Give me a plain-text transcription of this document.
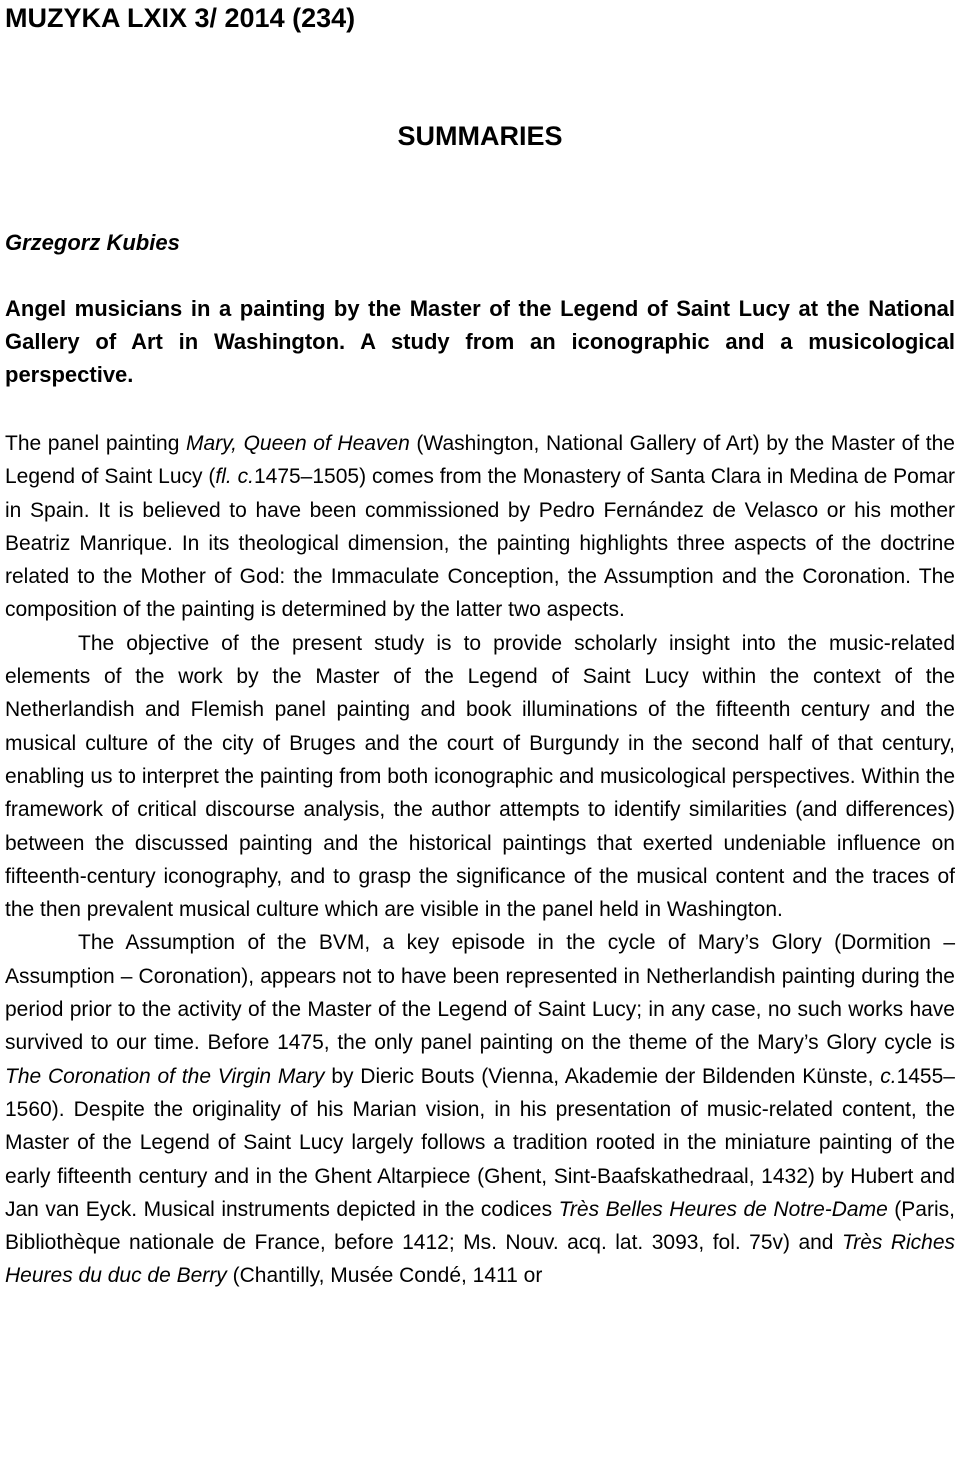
MUZYKA LXIX 3/ 2014 (234)
SUMMARIES
Grzegorz Kubies
Angel musicians in a painting by the Master of the Legend of Saint Lucy at the National Gallery of Art in Washington. A study from an iconographic and a musicological perspective.

The panel painting Mary, Queen of Heaven (Washington, National Gallery of Art) by the Master of the Legend of Saint Lucy (fl. c.1475–1505) comes from the Monastery of Santa Clara in Medina de Pomar in Spain. It is believed to have been commissioned by Pedro Fernández de Velasco or his mother Beatriz Manrique. In its theological dimension, the painting highlights three aspects of the doctrine related to the Mother of God: the Immaculate Conception, the Assumption and the Coronation. The composition of the painting is determined by the latter two aspects.

The objective of the present study is to provide scholarly insight into the music-related elements of the work by the Master of the Legend of Saint Lucy within the context of the Netherlandish and Flemish panel painting and book illuminations of the fifteenth century and the musical culture of the city of Bruges and the court of Burgundy in the second half of that century, enabling us to interpret the painting from both iconographic and musicological perspectives. Within the framework of critical discourse analysis, the author attempts to identify similarities (and differences) between the discussed painting and the historical paintings that exerted undeniable influence on fifteenth-century iconography, and to grasp the significance of the musical content and the traces of the then prevalent musical culture which are visible in the panel held in Washington.

The Assumption of the BVM, a key episode in the cycle of Mary’s Glory (Dormition – Assumption – Coronation), appears not to have been represented in Netherlandish painting during the period prior to the activity of the Master of the Legend of Saint Lucy; in any case, no such works have survived to our time. Before 1475, the only panel painting on the theme of the Mary’s Glory cycle is The Coronation of the Virgin Mary by Dieric Bouts (Vienna, Akademie der Bildenden Künste, c.1455–1560). Despite the originality of his Marian vision, in his presentation of music-related content, the Master of the Legend of Saint Lucy largely follows a tradition rooted in the miniature painting of the early fifteenth century and in the Ghent Altarpiece (Ghent, Sint-Baafskathedraal, 1432) by Hubert and Jan van Eyck. Musical instruments depicted in the codices Très Belles Heures de Notre-Dame (Paris, Bibliothèque nationale de France, before 1412; Ms. Nouv. acq. lat. 3093, fol. 75v) and Très Riches Heures du duc de Berry (Chantilly, Musée Condé, 1411 or
